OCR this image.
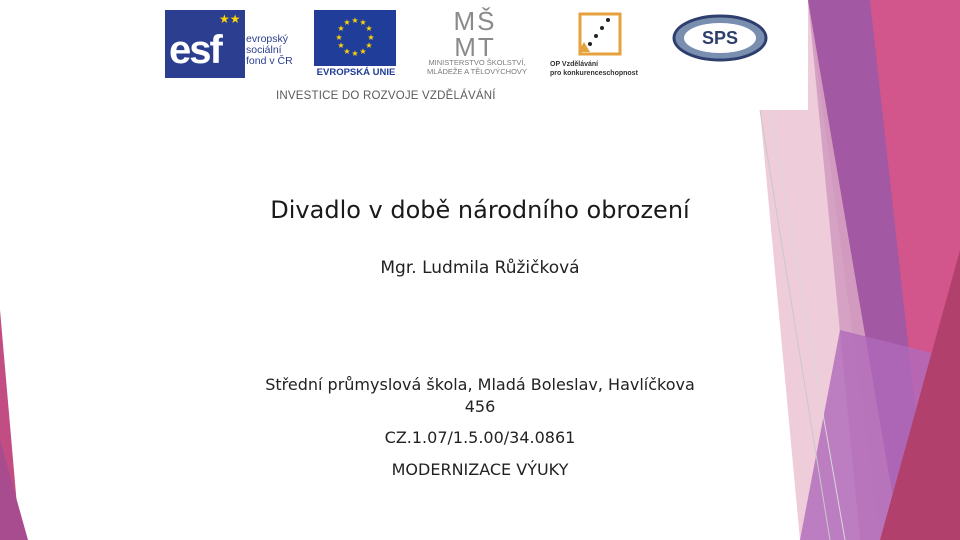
esf
★★
evropský
sociální
fond v ČR
★ ★
★
★
★
★
★
★
★
★
★
★
EVROPSKÁ UNIE
MŠ MT
MINISTERSTVO ŠKOLSTVÍ,
MLÁDEŽE A TĚLOVÝCHOVY
OP Vzdělávání
pro konkurenceschopnost
SPS
INVESTICE DO ROZVOJE VZDĚLÁVÁNÍ
Divadlo v době národního obrození
Mgr. Ludmila Růžičková
Střední průmyslová škola, Mladá Boleslav, Havlíčkova
456
CZ.1.07/1.5.00/34.0861
MODERNIZACE VÝUKY
